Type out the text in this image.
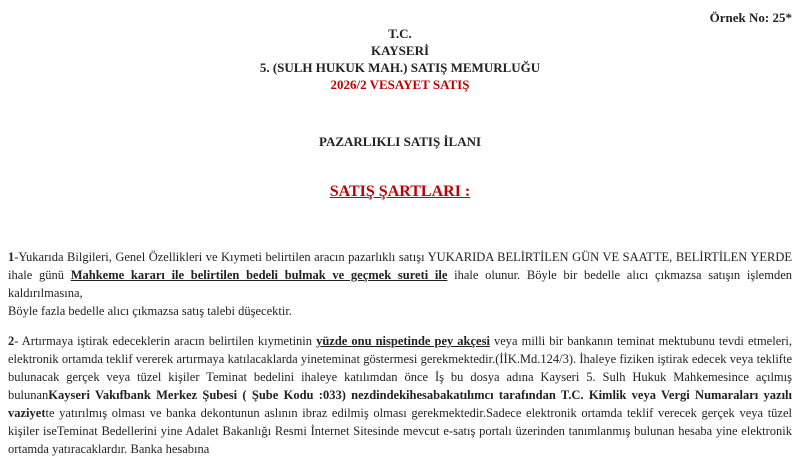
Örnek No: 25*
T.C.
KAYSERİ
5. (SULH HUKUK MAH.) SATIŞ MEMURLUĞU
2026/2 VESAYET SATIŞ
PAZARLIKLI SATIŞ İLANI
SATIŞ ŞARTLARI :

1-Yukarıda Bilgileri, Genel Özellikleri ve Kıymeti belirtilen aracın pazarlıklı satışı YUKARIDA BELİRTİLEN GÜN VE SAATTE, BELİRTİLEN YERDE ihale günü Mahkeme kararı ile belirtilen bedeli bulmak ve geçmek sureti ile ihale olunur. Böyle bir bedelle alıcı çıkmazsa satışın işlemden kaldırılmasına,
Böyle fazla bedelle alıcı çıkmazsa satış talebi düşecektir.

2- Artırmaya iştirak edeceklerin aracın belirtilen kıymetinin yüzde onu nispetinde pey akçesi veya milli bir bankanın teminat mektubunu tevdi etmeleri, elektronik ortamda teklif vererek artırmaya katılacaklarda yineteminat göstermesi gerekmektedir.(İİK.Md.124/3). İhaleye fiziken iştirak edecek veya teklifte bulunacak gerçek veya tüzel kişiler Teminat bedelini ihaleye katılımdan önce İş bu dosya adına Kayseri 5. Sulh Hukuk Mahkemesince açılmış bulunanKayseri Vakıfbank Merkez Şubesi ( Şube Kodu :033) nezdindekihesabakatılımcı tarafından T.C. Kimlik veya Vergi Numaraları yazılı vaziyette yatırılmış olması ve banka dekontunun aslının ibraz edilmiş olması gerekmektedir.Sadece elektronik ortamda teklif verecek gerçek veya tüzel kişiler iseTeminat Bedellerini yine Adalet Bakanlığı Resmi İnternet Sitesinde mevcut e-satış portalı üzerinden tanımlanmış bulunan hesaba yine elektronik ortamda yatıracaklardır. Banka hesabına
